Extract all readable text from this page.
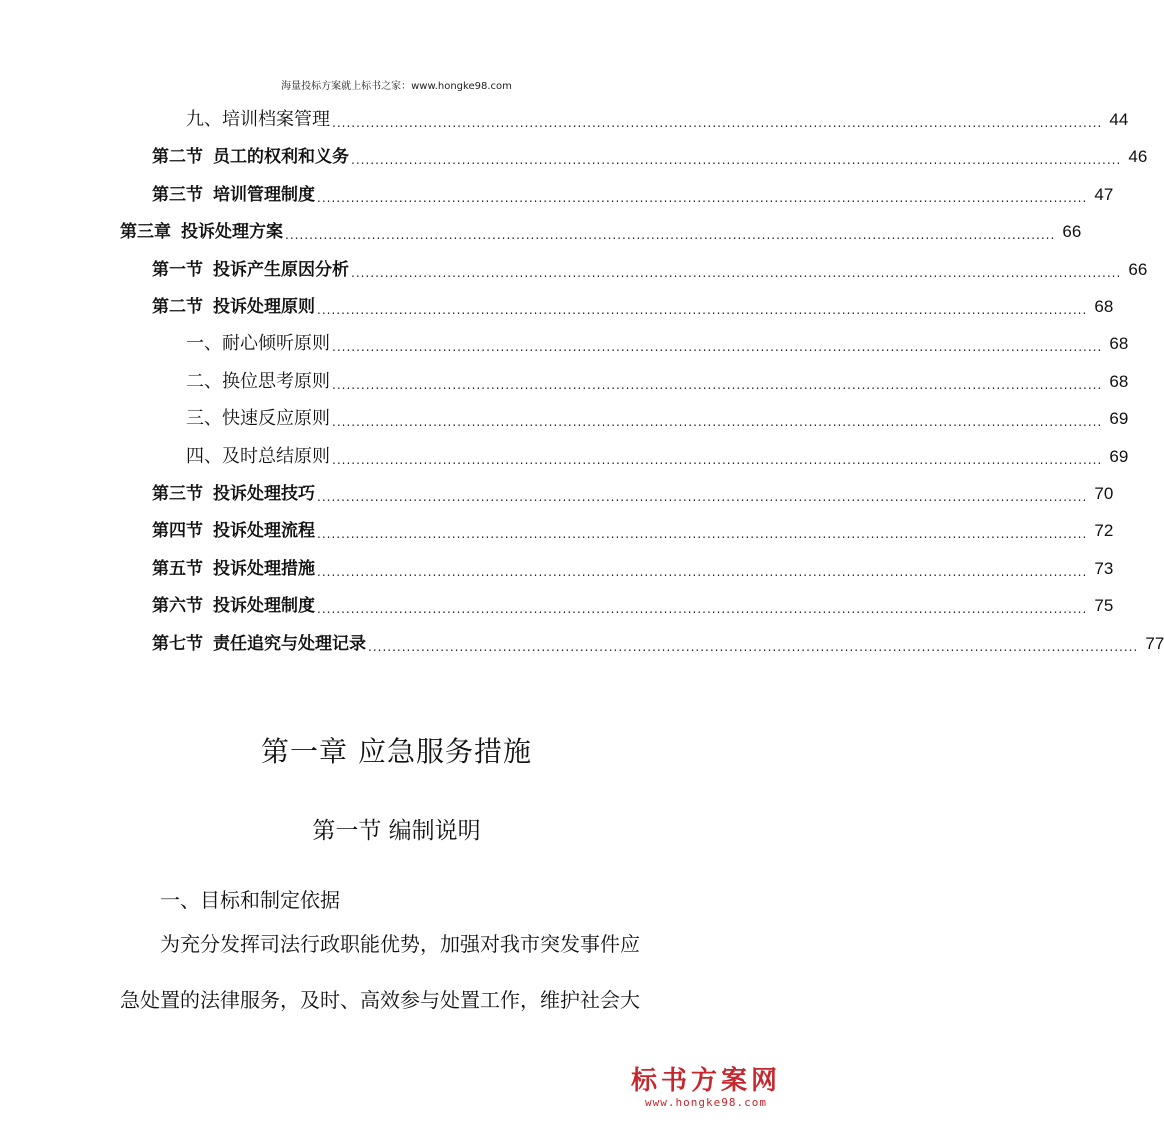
海量投标方案就上标书之家：www.hongke98.com
九、培训档案管理 ................................................................................................................................................................ 44
第二节 员工的权利和义务 ................................................................................................................................................................ 46
第三节 培训管理制度 ................................................................................................................................................................ 47
第三章 投诉处理方案 ................................................................................................................................................................ 66
第一节 投诉产生原因分析 ................................................................................................................................................................ 66
第二节 投诉处理原则 ................................................................................................................................................................ 68
一、耐心倾听原则 ................................................................................................................................................................ 68
二、换位思考原则 ................................................................................................................................................................ 68
三、快速反应原则 ................................................................................................................................................................ 69
四、及时总结原则 ................................................................................................................................................................ 69
第三节 投诉处理技巧 ................................................................................................................................................................ 70
第四节 投诉处理流程 ................................................................................................................................................................ 72
第五节 投诉处理措施 ................................................................................................................................................................ 73
第六节 投诉处理制度 ................................................................................................................................................................ 75
第七节 责任追究与处理记录 ................................................................................................................................................................ 77
第一章 应急服务措施
第一节 编制说明
一、目标和制定依据
为充分发挥司法行政职能优势，加强对我市突发事件应
急处置的法律服务，及时、高效参与处置工作，维护社会大
标书方案网
www.hongke98.com
